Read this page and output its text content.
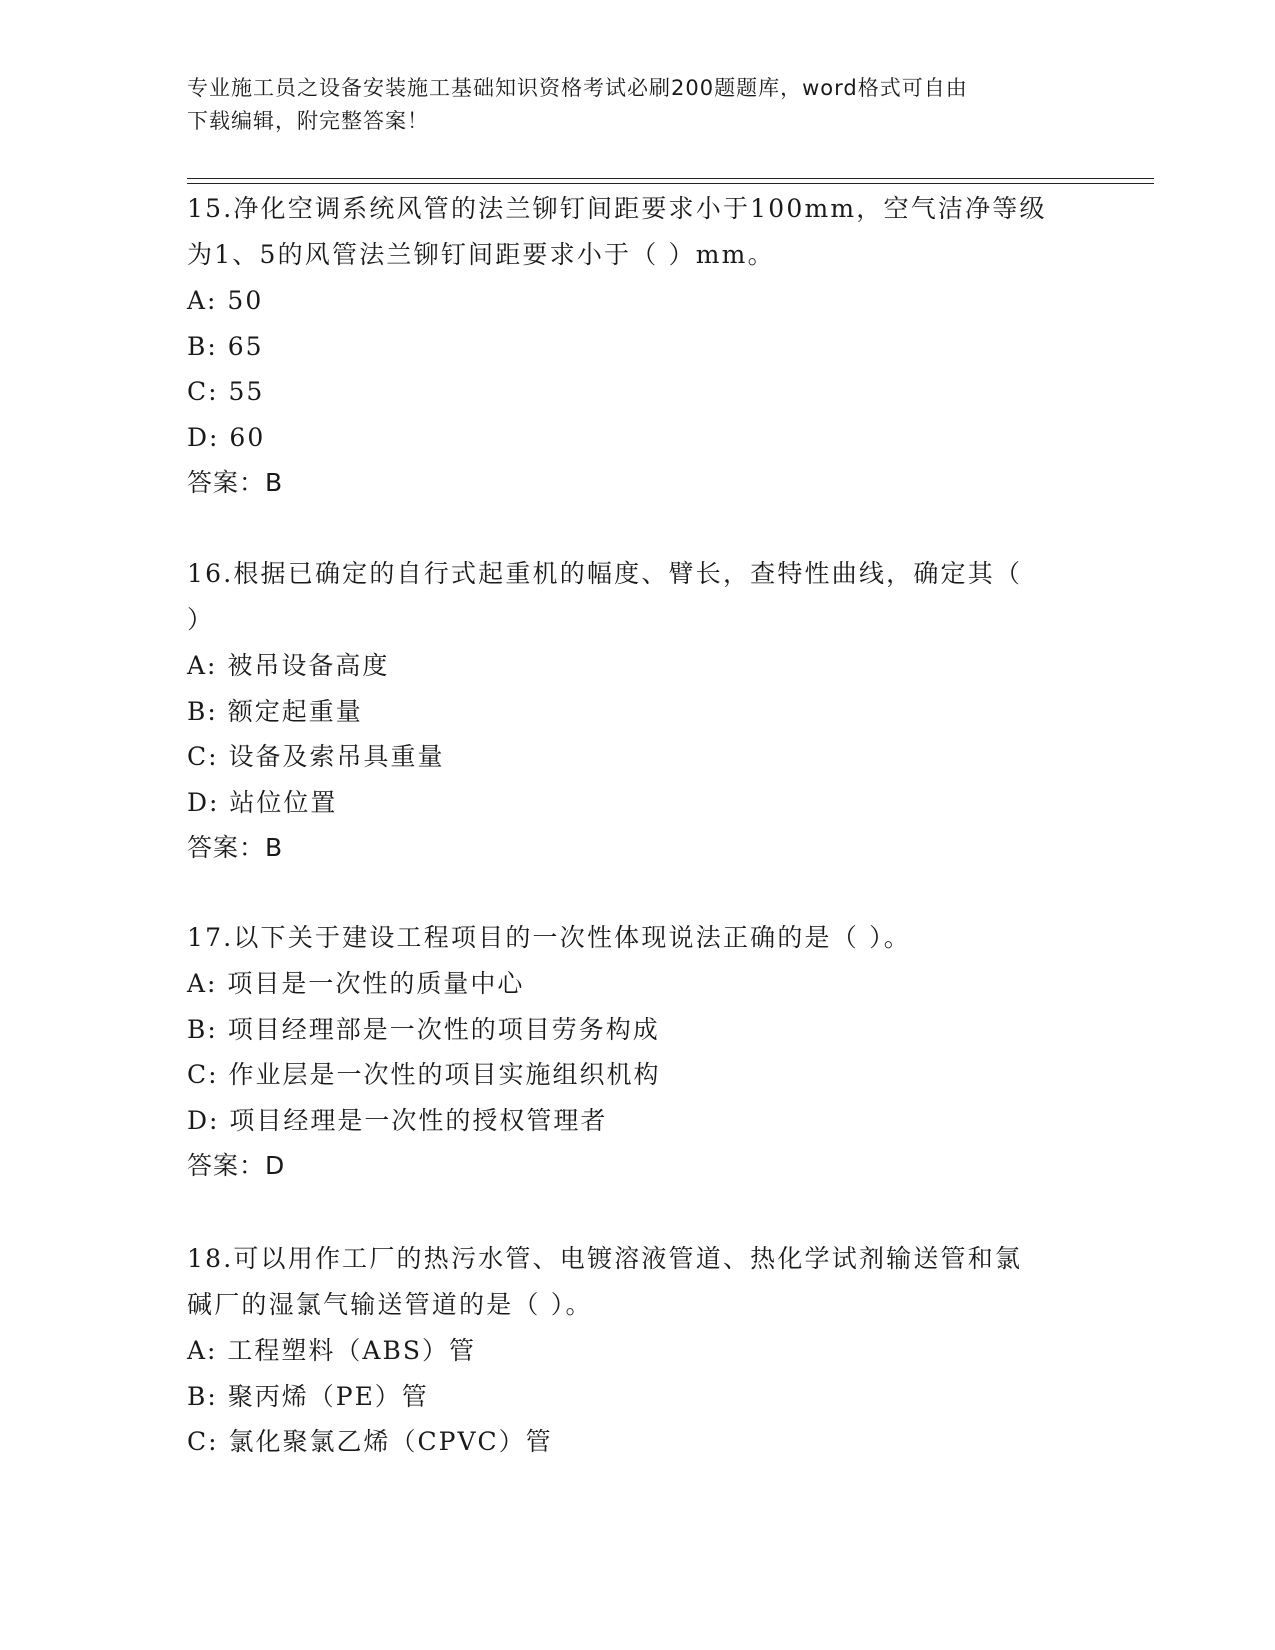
专业施工员之设备安装施工基础知识资格考试必刷200题题库，word格式可自由
下载编辑，附完整答案！
15.净化空调系统风管的法兰铆钉间距要求小于100mm，空气洁净等级
为1、5的风管法兰铆钉间距要求小于（ ）mm。
A: 50
B: 65
C: 55
D: 60
答案：B
16.根据已确定的自行式起重机的幅度、臂长，查特性曲线，确定其（
）
A: 被吊设备高度
B: 额定起重量
C: 设备及索吊具重量
D: 站位位置
答案：B
17.以下关于建设工程项目的一次性体现说法正确的是（ ）。
A: 项目是一次性的质量中心
B: 项目经理部是一次性的项目劳务构成
C: 作业层是一次性的项目实施组织机构
D: 项目经理是一次性的授权管理者
答案：D
18.可以用作工厂的热污水管、电镀溶液管道、热化学试剂输送管和氯
碱厂的湿氯气输送管道的是（ ）。
A: 工程塑料（ABS）管
B: 聚丙烯（PE）管
C: 氯化聚氯乙烯（CPVC）管
